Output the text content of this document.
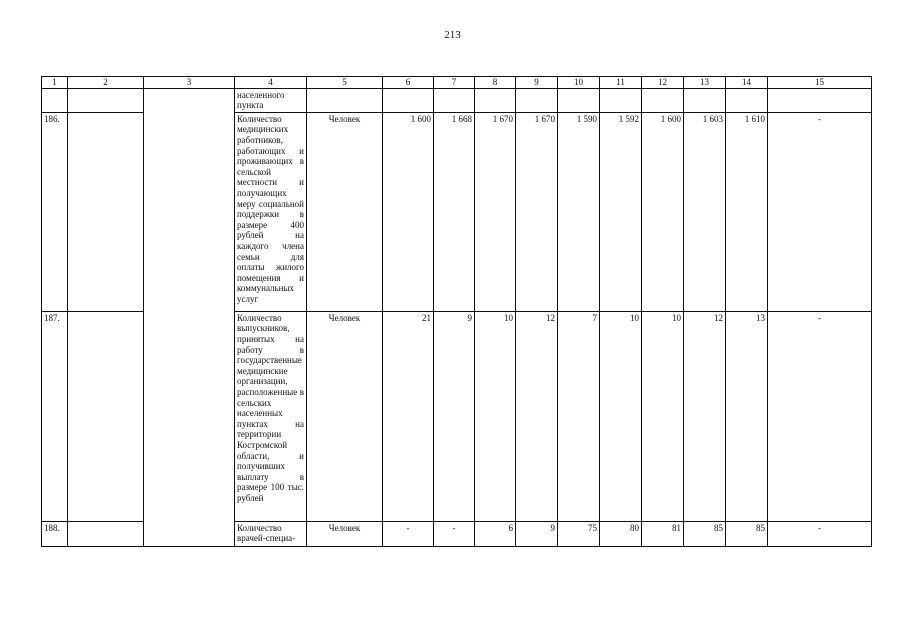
213
1	2	3	4	5	6	7	8	9	10	11	12	13	14	15
			населенного пункта											
186.			Количество медицинских работников, работающих и проживающих в сельской местности и получающих меру социальной поддержки в размере 400 рублей на каждого члена семьи для оплаты жилого помещения и коммунальных услуг	Человек	1 600	1 668	1 670	1 670	1 590	1 592	1 600	1 603	1 610	-
187.			Количество выпускников, принятых на работу в государственные медицинские организации, расположенные в сельских населенных пунктах на территории Костромской области, и получивших выплату в размере 100 тыс. рублей	Человек	21	9	10	12	7	10	10	12	13	-
188.			Количество врачей-специа-	Человек	-	-	6	9	75	80	81	85	85	-
